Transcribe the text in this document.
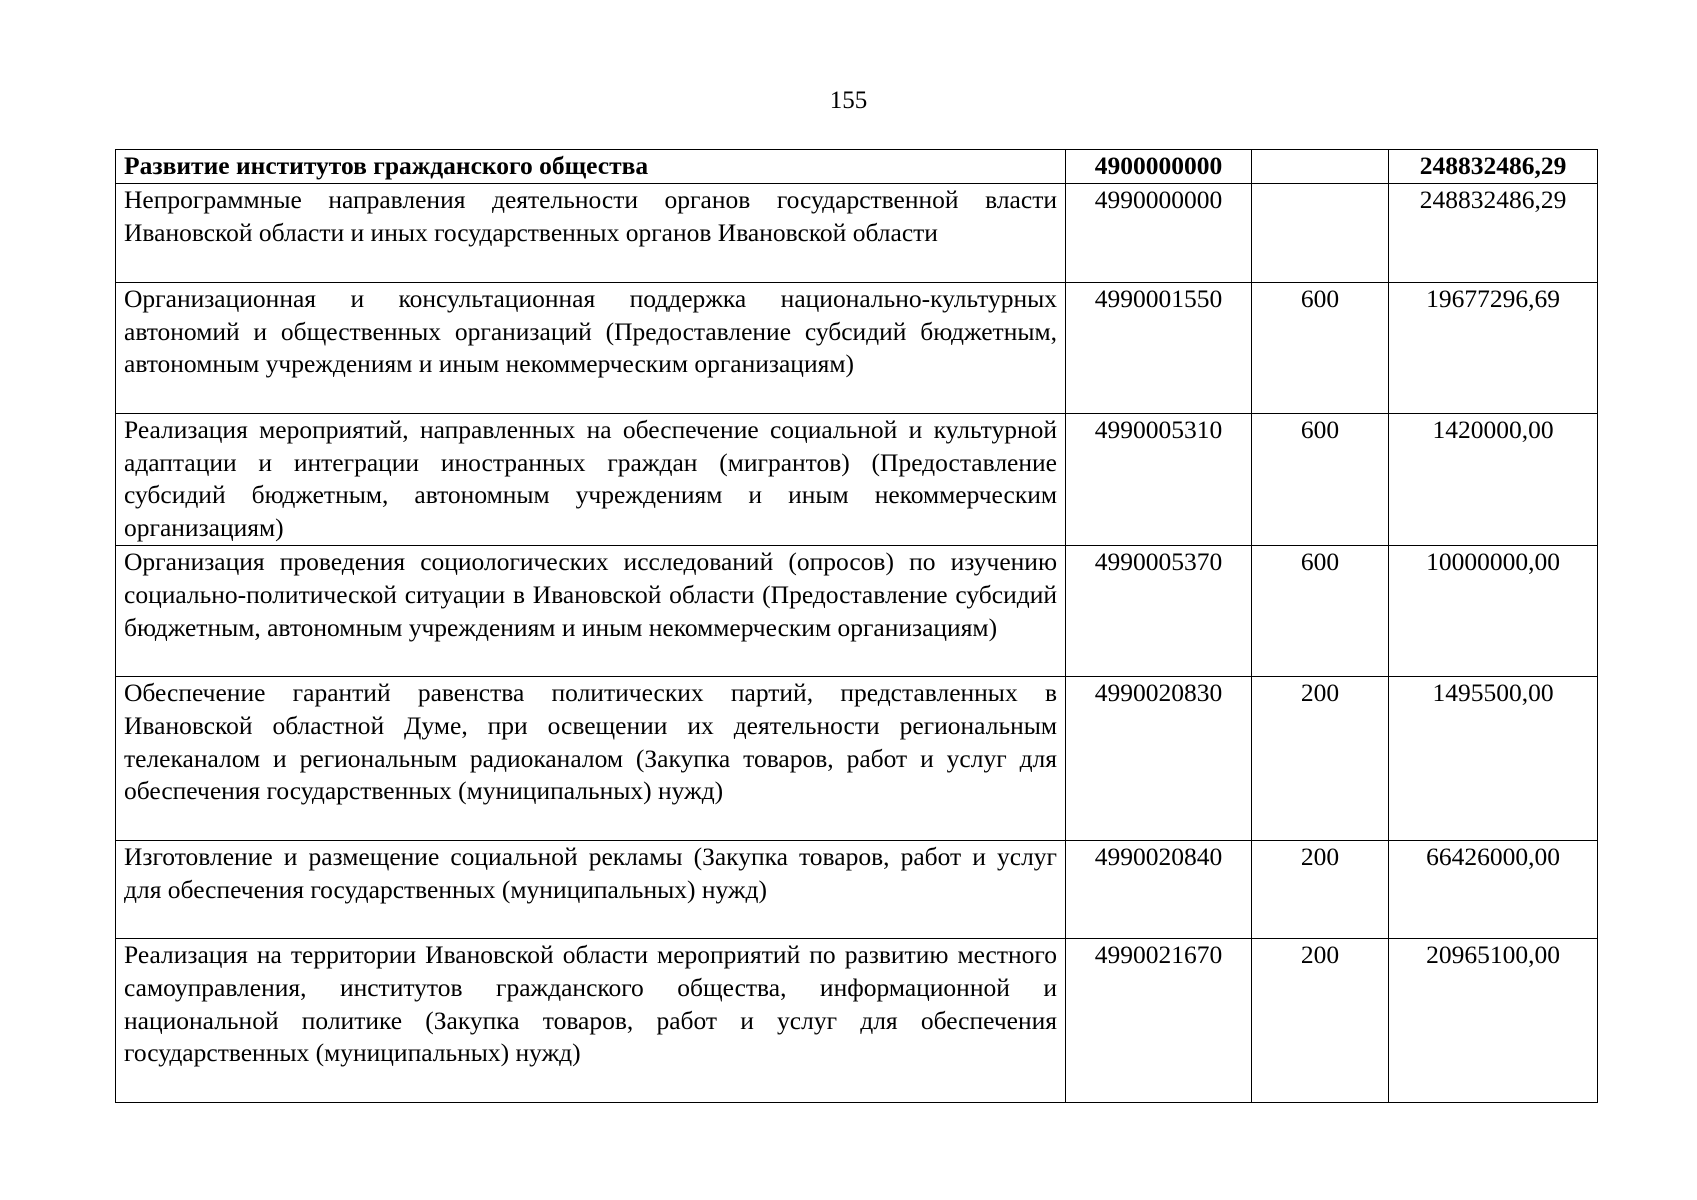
155
Развитие институтов гражданского общества	4900000000		248832486,29
Непрограммные направления деятельности органов государственной власти Ивановской области и иных государственных органов Ивановской области	4990000000		248832486,29
Организационная и консультационная поддержка национально-культурных автономий и общественных организаций (Предоставление субсидий бюджетным, автономным учреждениям и иным некоммерческим организациям)	4990001550	600	19677296,69
Реализация мероприятий, направленных на обеспечение социальной и культурной адаптации и интеграции иностранных граждан (мигрантов) (Предоставление субсидий бюджетным, автономным учреждениям и иным некоммерческим организациям)	4990005310	600	1420000,00
Организация проведения социологических исследований (опросов) по изучению социально-политической ситуации в Ивановской области (Предоставление субсидий бюджетным, автономным учреждениям и иным некоммерческим организациям)	4990005370	600	10000000,00
Обеспечение гарантий равенства политических партий, представленных в Ивановской областной Думе, при освещении их деятельности региональным телеканалом и региональным радиоканалом (Закупка товаров, работ и услуг для обеспечения государственных (муниципальных) нужд)	4990020830	200	1495500,00
Изготовление и размещение социальной рекламы (Закупка товаров, работ и услуг для обеспечения государственных (муниципальных) нужд)	4990020840	200	66426000,00
Реализация на территории Ивановской области мероприятий по развитию местного самоуправления, институтов гражданского общества, информационной и национальной политике (Закупка товаров, работ и услуг для обеспечения государственных (муниципальных) нужд)	4990021670	200	20965100,00
